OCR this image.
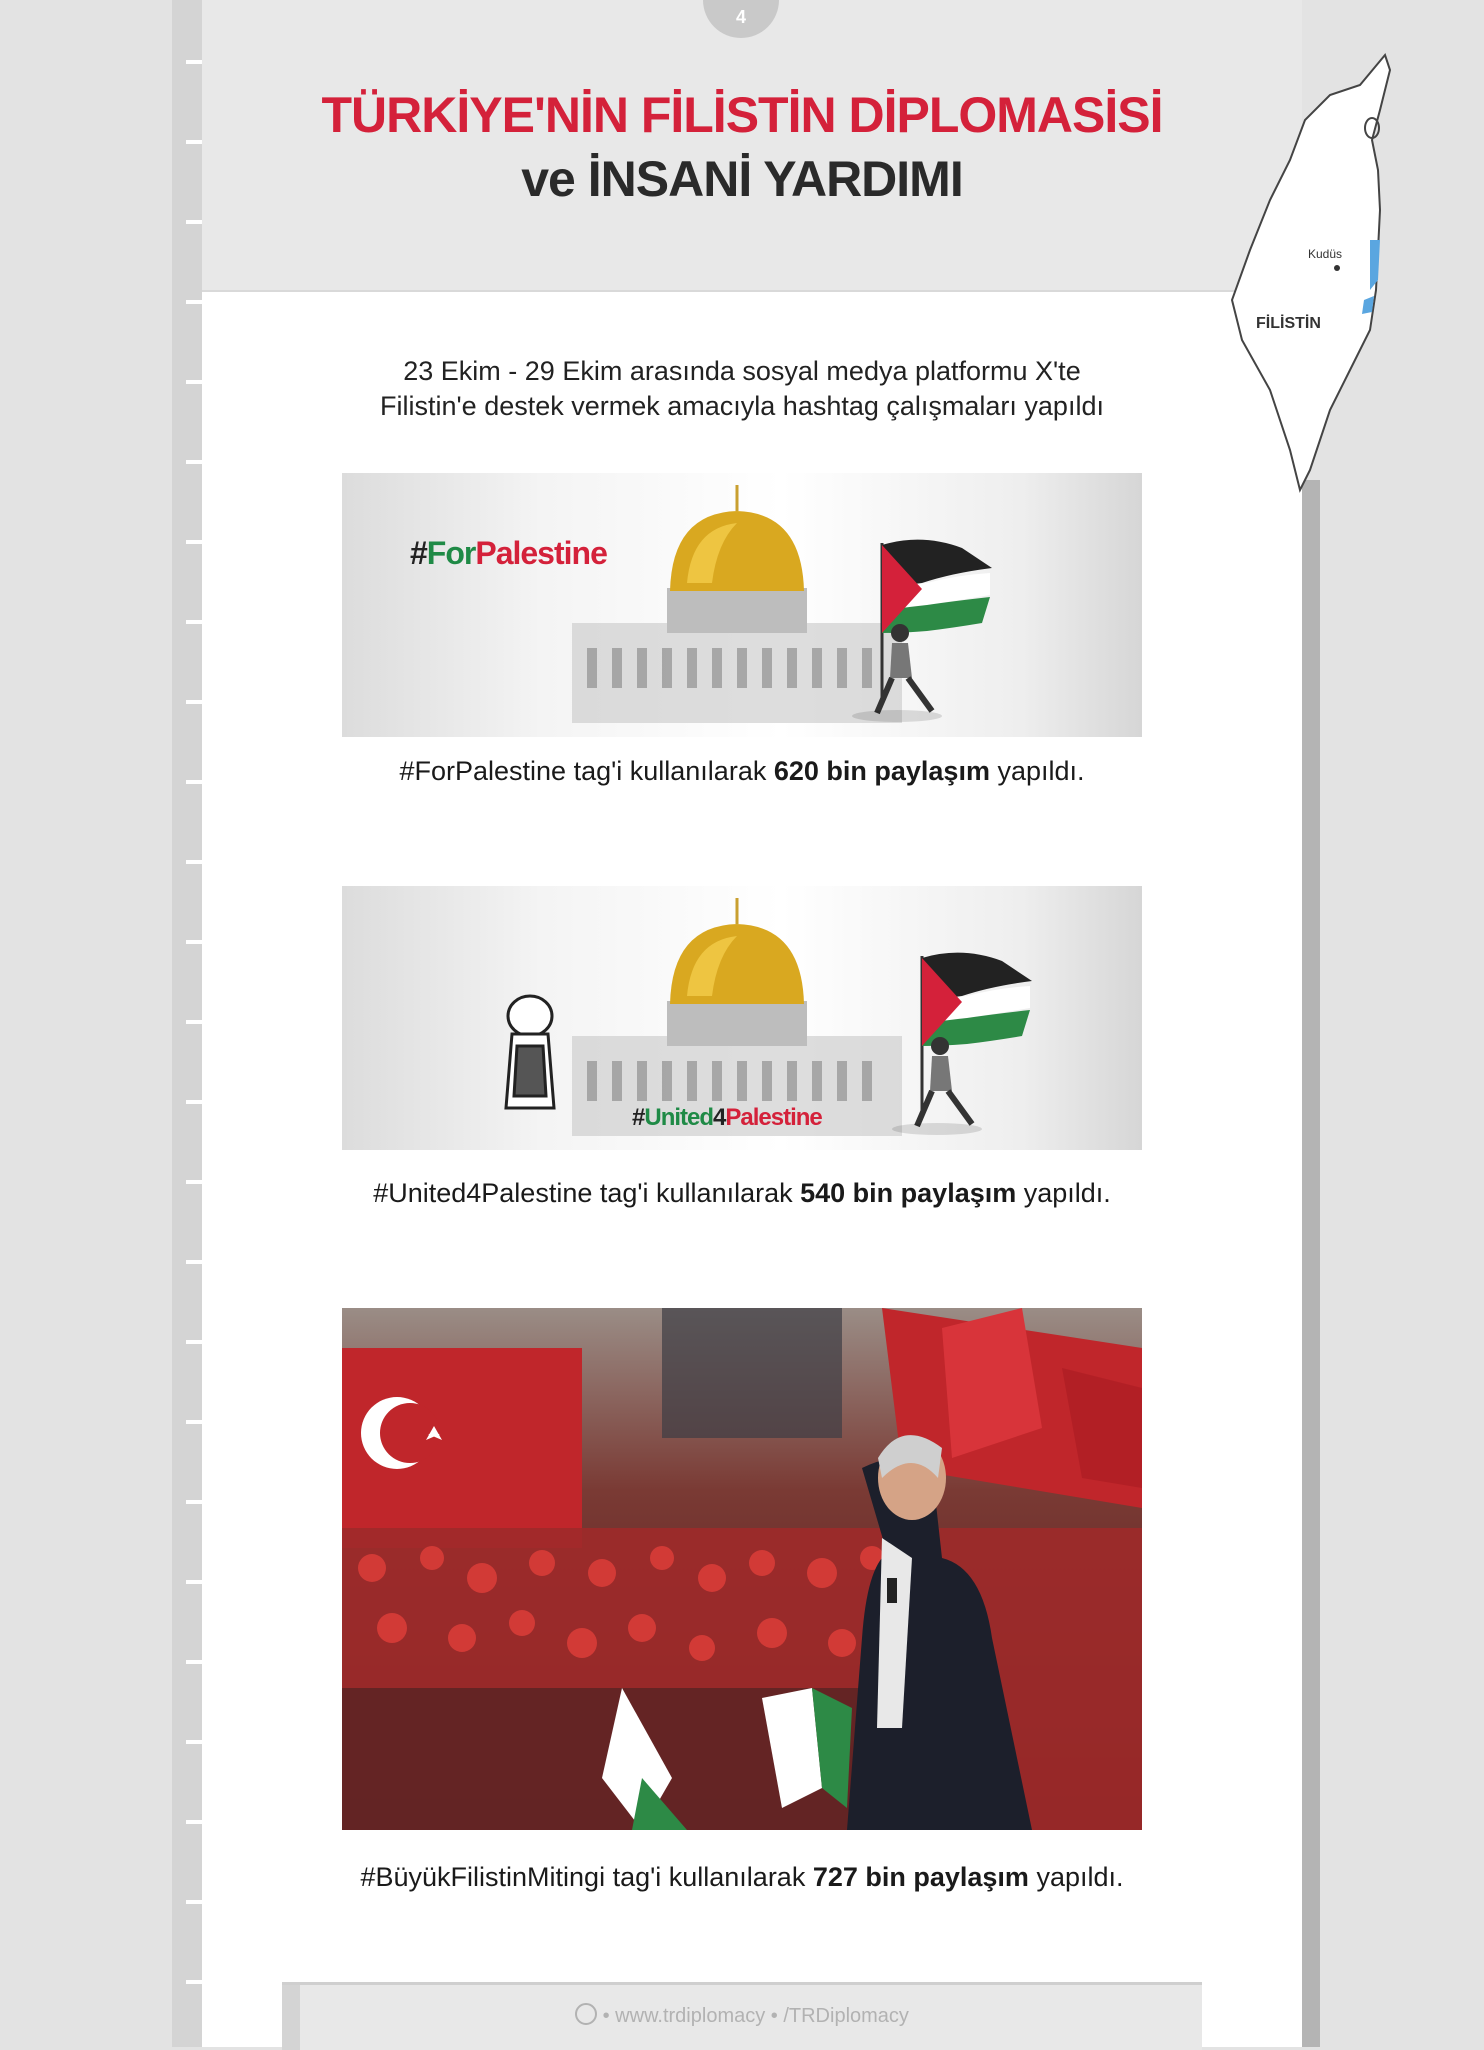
4
TÜRKİYE'NİN FİLİSTİN DİPLOMASİSİ
ve İNSANİ YARDIMI
23 Ekim - 29 Ekim arasında sosyal medya platformu X'te
Filistin'e destek vermek amacıyla hashtag çalışmaları yapıldı
#ForPalestine
#ForPalestine tag'i kullanılarak 620 bin paylaşım yapıldı.
#United4Palestine
#United4Palestine tag'i kullanılarak 540 bin paylaşım yapıldı.
#BüyükFilistinMitingi tag'i kullanılarak 727 bin paylaşım yapıldı.
• www.trdiplomacy • /TRDiplomacy
Kudüs
FİLİSTİN
